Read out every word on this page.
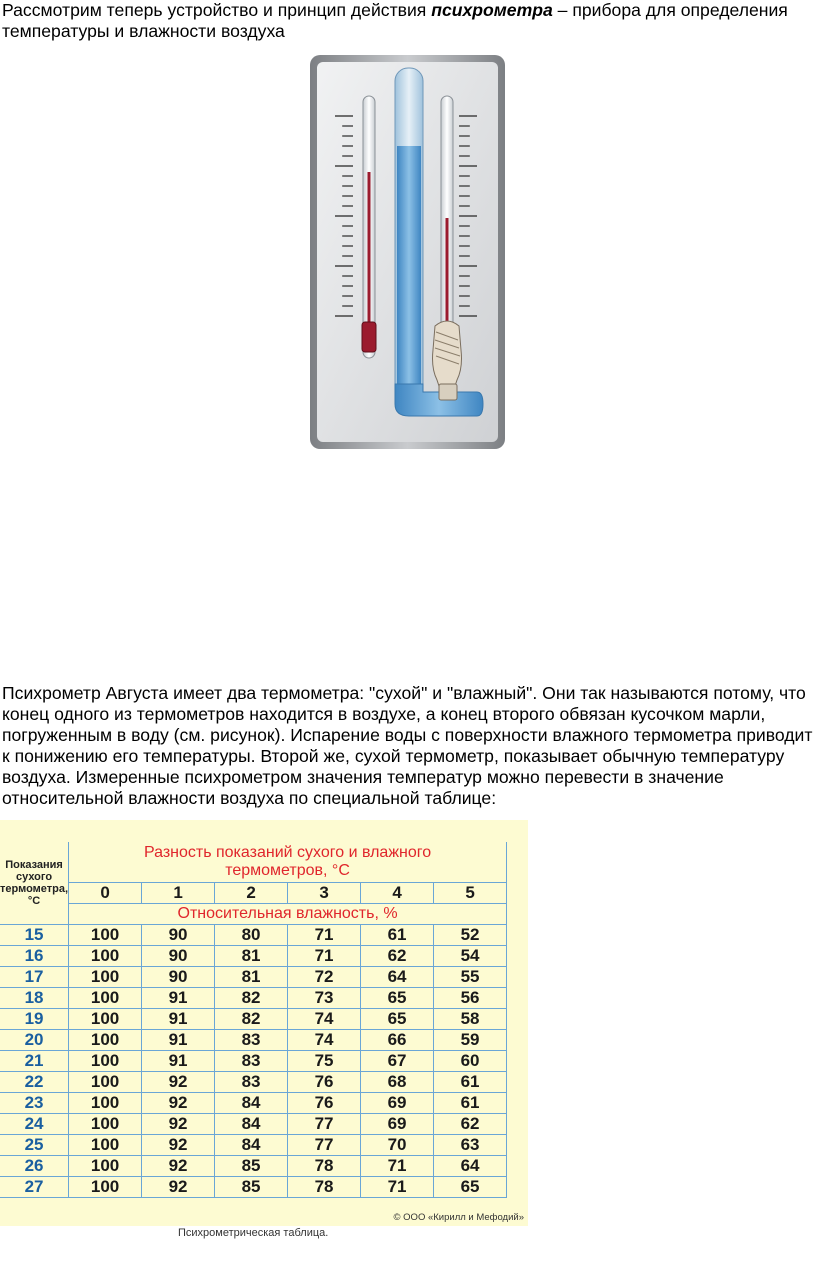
Рассмотрим теперь устройство и принцип действия психрометра – прибора для определения температуры и влажности воздуха

Психрометр Августа имеет два термометра: "сухой" и "влажный". Они так называются потому, что конец одного из термометров находится в воздухе, а конец второго обвязан кусочком марли, погруженным в воду (см. рисунок). Испарение воды с поверхности влажного термометра приводит к понижению его температуры. Второй же, сухой термометр, показывает обычную температуру воздуха. Измеренные психрометром значения температур можно перевести в значение относительной влажности воздуха по специальной таблице:

Показания
сухого
термометра,
°С	Разность показаний сухого и влажного
термометров, °С					
	0	1	2	3	4	5
	Относительная влажность, %					
15	100	90	80	71	61	52
16	100	90	81	71	62	54
17	100	90	81	72	64	55
18	100	91	82	73	65	56
19	100	91	82	74	65	58
20	100	91	83	74	66	59
21	100	91	83	75	67	60
22	100	92	83	76	68	61
23	100	92	84	76	69	61
24	100	92	84	77	69	62
25	100	92	84	77	70	63
26	100	92	85	78	71	64
27	100	92	85	78	71	65
© ООО «Кирилл и Мефодий»
Психрометрическая таблица.
